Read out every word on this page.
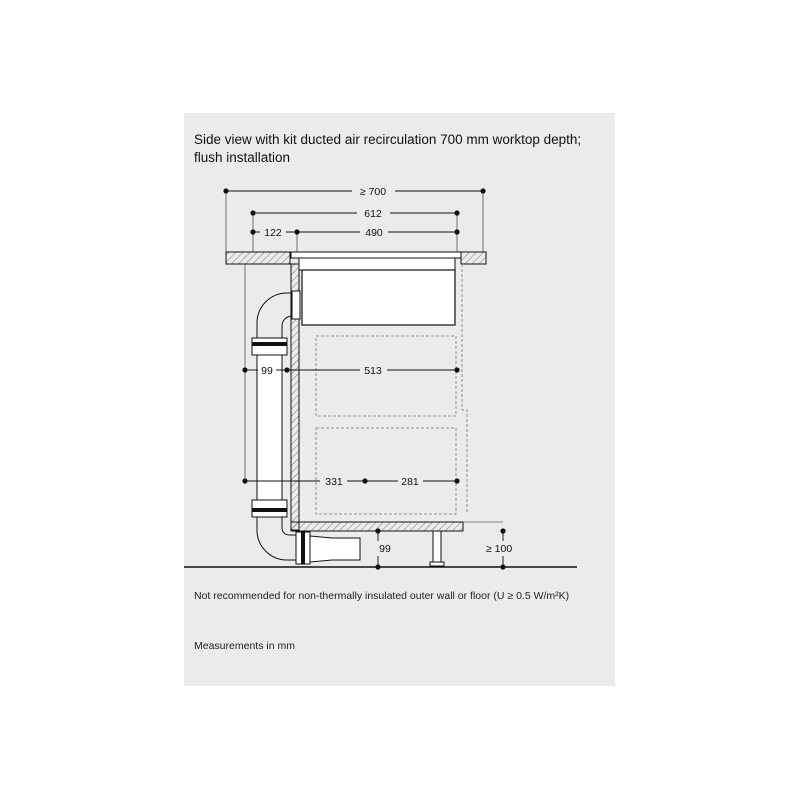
Side view with kit ducted air recirculation 700 mm worktop depth;
flush installation
≥ 700
612
122	490
99	513
331	281
99	≥ 100
Not recommended for non-thermally insulated outer wall or floor (U ≥ 0.5 W/m²K)
Measurements in mm
